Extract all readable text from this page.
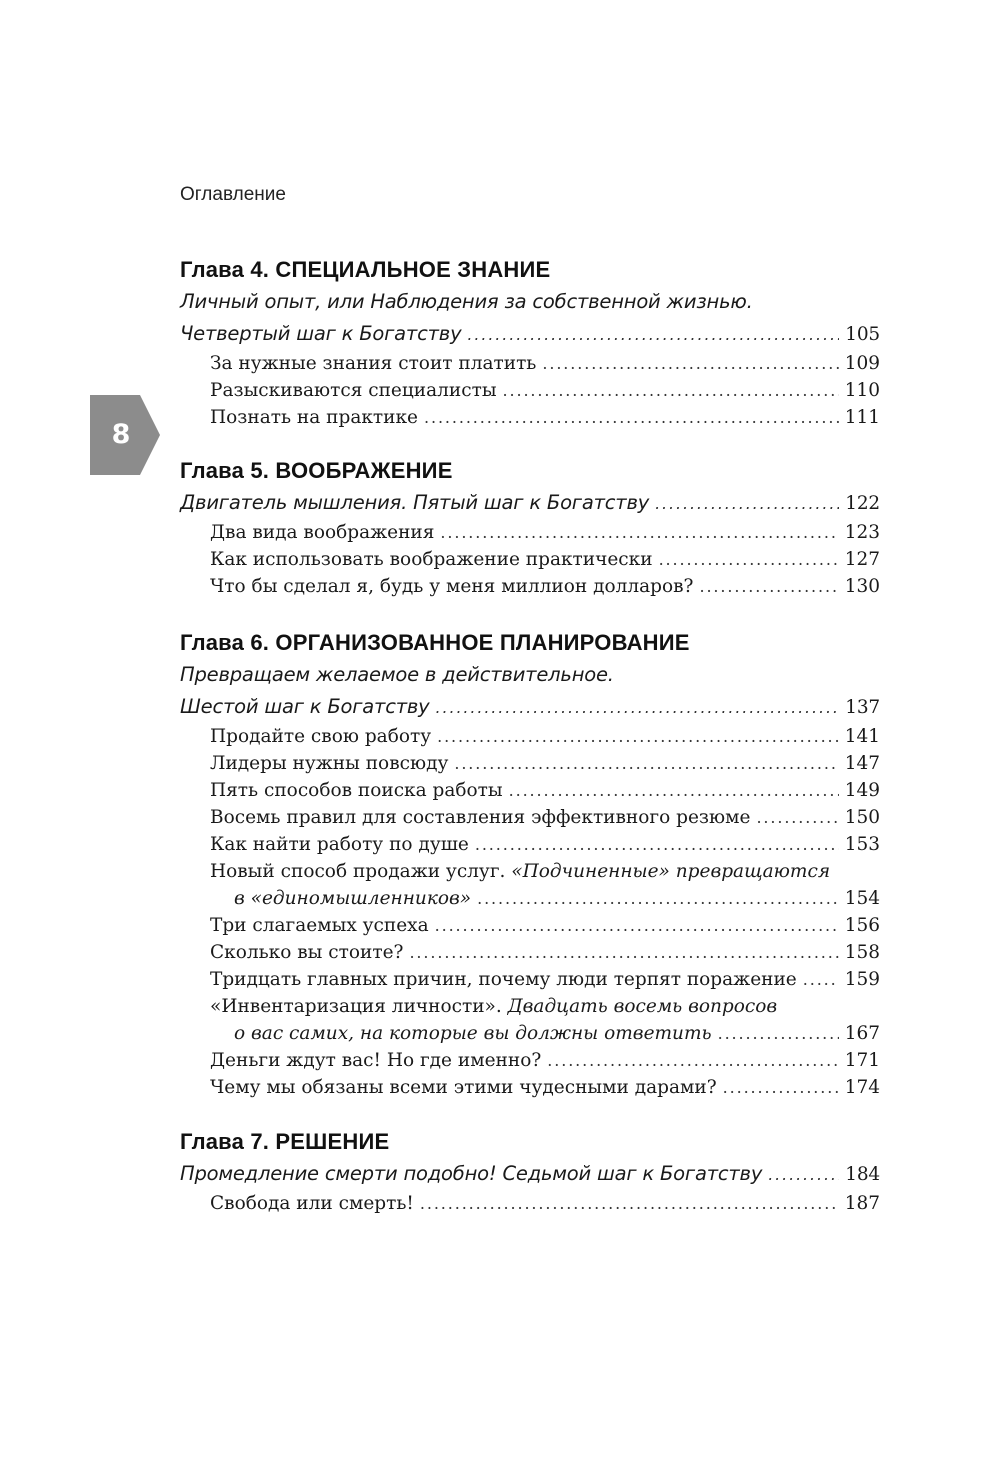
Оглавление
8
Глава 4. СПЕЦИАЛЬНОЕ ЗНАНИЕ
Личный опыт, или Наблюдения за собственной жизнью.
Четвертый шаг к Богатству . . .	105
За нужные знания стоит платить . . .	109
Разыскиваются специалисты . . .	110
Познать на практике . . .	111
Глава 5. ВООБРАЖЕНИЕ
Двигатель мышления. Пятый шаг к Богатству . . .	122
Два вида воображения . . .	123
Как использовать воображение практически . . .	127
Что бы сделал я, будь у меня миллион долларов? . . .	130
Глава 6. ОРГАНИЗОВАННОЕ ПЛАНИРОВАНИЕ
Превращаем желаемое в действительное.
Шестой шаг к Богатству . . .	137
Продайте свою работу . . .	141
Лидеры нужны повсюду . . .	147
Пять способов поиска работы . . .	149
Восемь правил для составления эффективного резюме . . .	150
Как найти работу по душе . . .	153
Новый способ продажи услуг. «Подчиненные» превращаются
в «единомышленников» . . .	154
Три слагаемых успеха . . .	156
Сколько вы стоите? . . .	158
Тридцать главных причин, почему люди терпят поражение . . .	159
«Инвентаризация личности». Двадцать восемь вопросов
о вас самих, на которые вы должны ответить . . .	167
Деньги ждут вас! Но где именно? . . .	171
Чему мы обязаны всеми этими чудесными дарами? . . .	174
Глава 7. РЕШЕНИЕ
Промедление смерти подобно! Седьмой шаг к Богатству . . .	184
Свобода или смерть! . . .	187
